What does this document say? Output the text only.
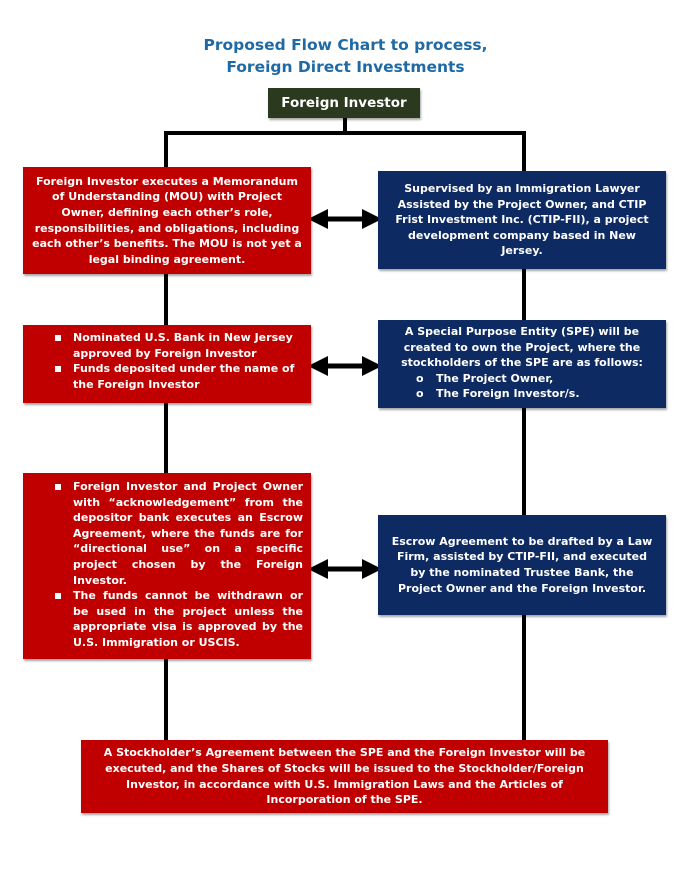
Proposed Flow Chart to process,
Foreign Direct Investments
Foreign Investor
Foreign Investor executes a Memorandum of Understanding (MOU) with Project Owner, defining each other’s role, responsibilities, and obligations, including each other’s benefits. The MOU is not yet a legal binding agreement.
Nominated U.S. Bank in New Jersey approved by Foreign Investor
Funds deposited under the name of the Foreign Investor
Foreign Investor and Project Owner with “acknowledgement” from the depositor bank executes an Escrow Agreement, where the funds are for “directional use” on a specific project chosen by the Foreign Investor.
The funds cannot be withdrawn or be used in the project unless the appropriate visa is approved by the U.S. Immigration or USCIS.
Supervised by an Immigration Lawyer Assisted by the Project Owner, and CTIP Frist Investment Inc. (CTIP-FII), a project development company based in New Jersey.
A Special Purpose Entity (SPE) will be created to own the Project, where the stockholders of the SPE are as follows:
o The Project Owner,
o The Foreign Investor/s.
Escrow Agreement to be drafted by a Law Firm, assisted by CTIP-FII, and executed by the nominated Trustee Bank, the Project Owner and the Foreign Investor.
A Stockholder’s Agreement between the SPE and the Foreign Investor will be executed, and the Shares of Stocks will be issued to the Stockholder/Foreign Investor, in accordance with U.S. Immigration Laws and the Articles of Incorporation of the SPE.
